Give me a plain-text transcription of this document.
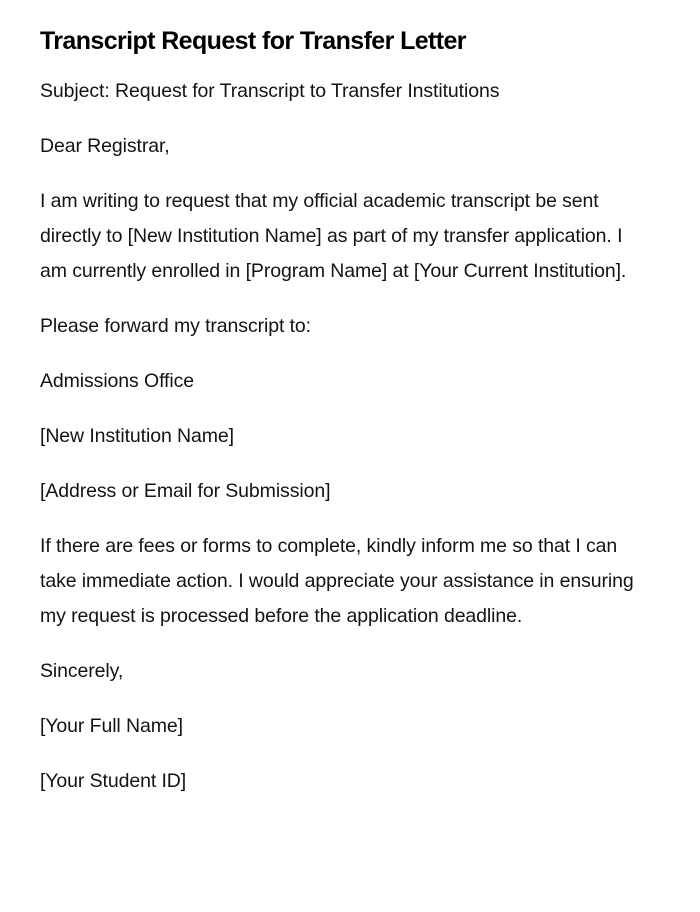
Transcript Request for Transfer Letter

Subject: Request for Transcript to Transfer Institutions

Dear Registrar,

I am writing to request that my official academic transcript be sent directly to [New Institution Name] as part of my transfer application. I am currently enrolled in [Program Name] at [Your Current Institution].

Please forward my transcript to:

Admissions Office

[New Institution Name]

[Address or Email for Submission]

If there are fees or forms to complete, kindly inform me so that I can take immediate action. I would appreciate your assistance in ensuring my request is processed before the application deadline.

Sincerely,

[Your Full Name]

[Your Student ID]
